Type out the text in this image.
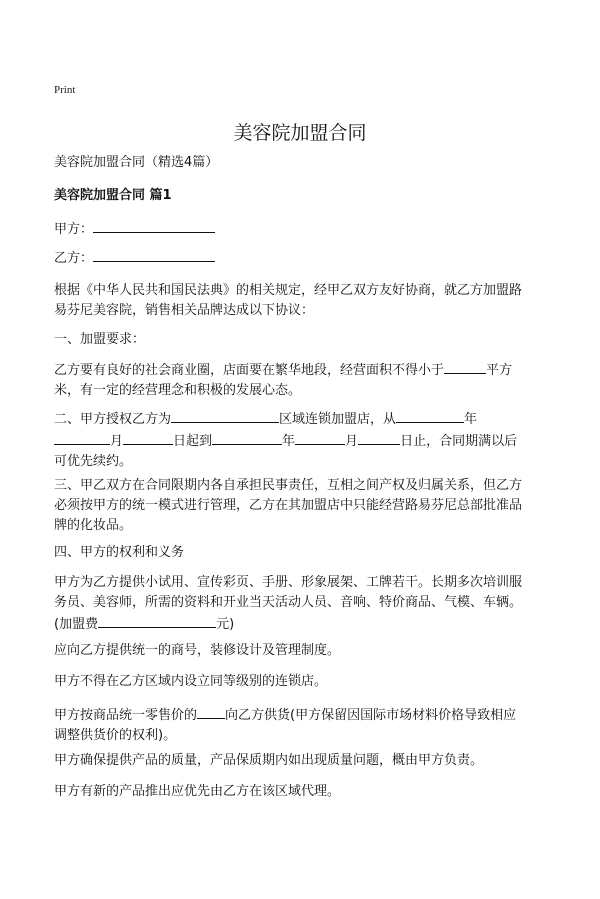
Print
美容院加盟合同

美容院加盟合同（精选4篇）

美容院加盟合同 篇1

甲方：

乙方：

根据《中华人民共和国民法典》的相关规定，经甲乙双方友好协商，就乙方加盟路
易芬尼美容院，销售相关品牌达成以下协议：

一、加盟要求：

乙方要有良好的社会商业圈，店面要在繁华地段，经营面积不得小于	平方
米，有一定的经营理念和积极的发展心态。
二、甲方授权乙方为	区域连锁加盟店，从	年
月	日起到	年	月	日止，合同期满以后
可优先续约。
三、甲乙双方在合同限期内各自承担民事责任，互相之间产权及归属关系，但乙方
必须按甲方的统一模式进行管理，乙方在其加盟店中只能经营路易芬尼总部批准品
牌的化妆品。

四、甲方的权利和义务

甲方为乙方提供小试用、宣传彩页、手册、形象展架、工牌若干。长期多次培训服
务员、美容师，所需的资料和开业当天活动人员、音响、特价商品、气模、车辆。
(加盟费	元)

应向乙方提供统一的商号，装修设计及管理制度。

甲方不得在乙方区域内设立同等级别的连锁店。

甲方按商品统一零售价的 向乙方供货(甲方保留因国际市场材料价格导致相应
调整供货价的权利)。

甲方确保提供产品的质量，产品保质期内如出现质量问题，概由甲方负责。

甲方有新的产品推出应优先由乙方在该区域代理。
